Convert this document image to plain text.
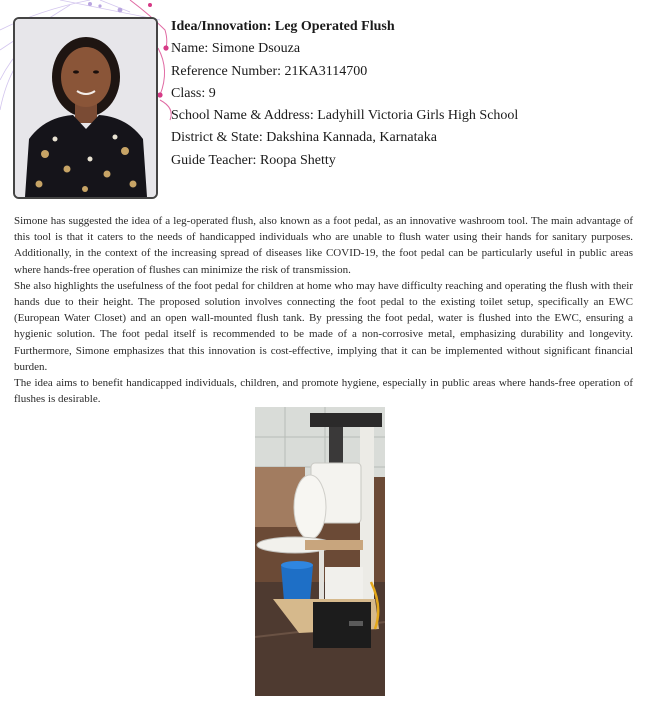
Idea/Innovation: Leg Operated Flush
Name: Simone Dsouza
Reference Number: 21KA3114700
Class: 9
School Name & Address: Ladyhill Victoria Girls High School
District & State: Dakshina Kannada, Karnataka
Guide Teacher: Roopa Shetty

Simone has suggested the idea of a leg-operated flush, also known as a foot pedal, as an innovative washroom tool. The main advantage of this tool is that it caters to the needs of handicapped individuals who are unable to flush water using their hands for sanitary purposes. Additionally, in the context of the increasing spread of diseases like COVID-19, the foot pedal can be particularly useful in public areas where hands-free operation of flushes can minimize the risk of transmission.

She also highlights the usefulness of the foot pedal for children at home who may have difficulty reaching and operating the flush with their hands due to their height. The proposed solution involves connecting the foot pedal to the existing toilet setup, specifically an EWC (European Water Closet) and an open wall-mounted flush tank. By pressing the foot pedal, water is flushed into the EWC, ensuring a hygienic solution. The foot pedal itself is recommended to be made of a non-corrosive metal, emphasizing durability and longevity. Furthermore, Simone emphasizes that this innovation is cost-effective, implying that it can be implemented without significant financial burden.

The idea aims to benefit handicapped individuals, children, and promote hygiene, especially in public areas where hands-free operation of flushes is desirable.
